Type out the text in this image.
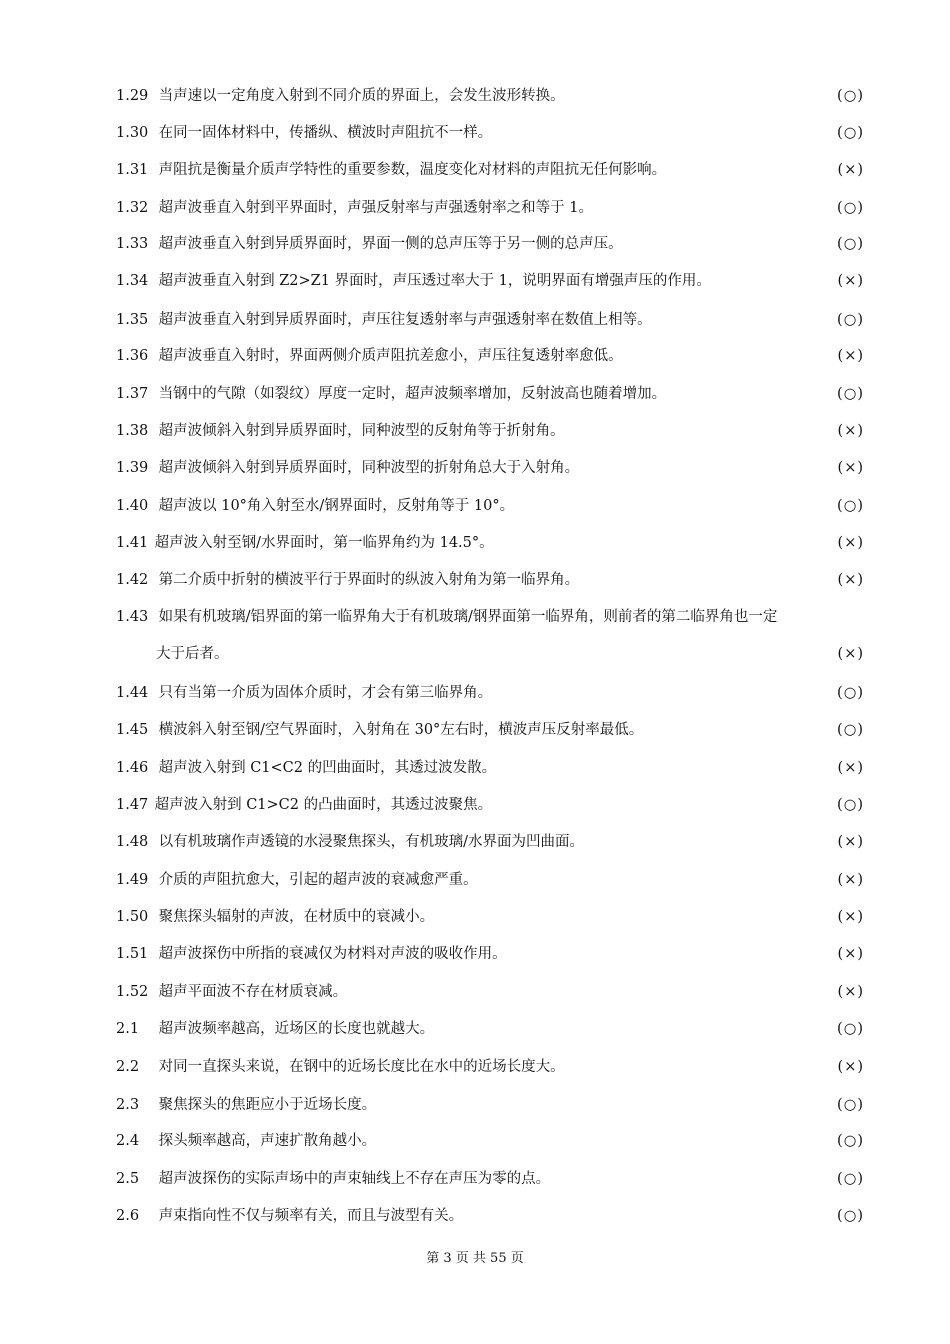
1.29 当声速以一定角度入射到不同介质的界面上，会发生波形转换。	(○)
1.30 在同一固体材料中，传播纵、横波时声阻抗不一样。	(○)
1.31 声阻抗是衡量介质声学特性的重要参数，温度变化对材料的声阻抗无任何影响。	(×)
1.32 超声波垂直入射到平界面时，声强反射率与声强透射率之和等于 1。	(○)
1.33 超声波垂直入射到异质界面时，界面一侧的总声压等于另一侧的总声压。	(○)
1.34 超声波垂直入射到 Z2>Z1 界面时，声压透过率大于 1，说明界面有增强声压的作用。	(×)
1.35 超声波垂直入射到异质界面时，声压往复透射率与声强透射率在数值上相等。	(○)
1.36 超声波垂直入射时，界面两侧介质声阻抗差愈小，声压往复透射率愈低。	(×)
1.37 当钢中的气隙（如裂纹）厚度一定时，超声波频率增加，反射波高也随着增加。	(○)
1.38 超声波倾斜入射到异质界面时，同种波型的反射角等于折射角。	(×)
1.39 超声波倾斜入射到异质界面时，同种波型的折射角总大于入射角。	(×)
1.40 超声波以 10°角入射至水/钢界面时，反射角等于 10°。	(○)
1.41 超声波入射至钢/水界面时，第一临界角约为 14.5°。	(×)
1.42 第二介质中折射的横波平行于界面时的纵波入射角为第一临界角。	(×)
1.43 如果有机玻璃/铝界面的第一临界角大于有机玻璃/钢界面第一临界角，则前者的第二临界角也一定
大于后者。	(×)
1.44 只有当第一介质为固体介质时，才会有第三临界角。	(○)
1.45 横波斜入射至钢/空气界面时，入射角在 30°左右时，横波声压反射率最低。	(○)
1.46 超声波入射到 C1<C2 的凹曲面时，其透过波发散。	(×)
1.47 超声波入射到 C1>C2 的凸曲面时，其透过波聚焦。	(○)
1.48 以有机玻璃作声透镜的水浸聚焦探头，有机玻璃/水界面为凹曲面。	(×)
1.49 介质的声阻抗愈大，引起的超声波的衰减愈严重。	(×)
1.50 聚焦探头辐射的声波，在材质中的衰减小。	(×)
1.51 超声波探伤中所指的衰减仅为材料对声波的吸收作用。	(×)
1.52 超声平面波不存在材质衰减。	(×)
2.1 超声波频率越高，近场区的长度也就越大。	(○)
2.2 对同一直探头来说，在钢中的近场长度比在水中的近场长度大。	(×)
2.3 聚焦探头的焦距应小于近场长度。	(○)
2.4 探头频率越高，声速扩散角越小。	(○)
2.5 超声波探伤的实际声场中的声束轴线上不存在声压为零的点。	(○)
2.6 声束指向性不仅与频率有关，而且与波型有关。	(○)
第 3 页 共 55 页
